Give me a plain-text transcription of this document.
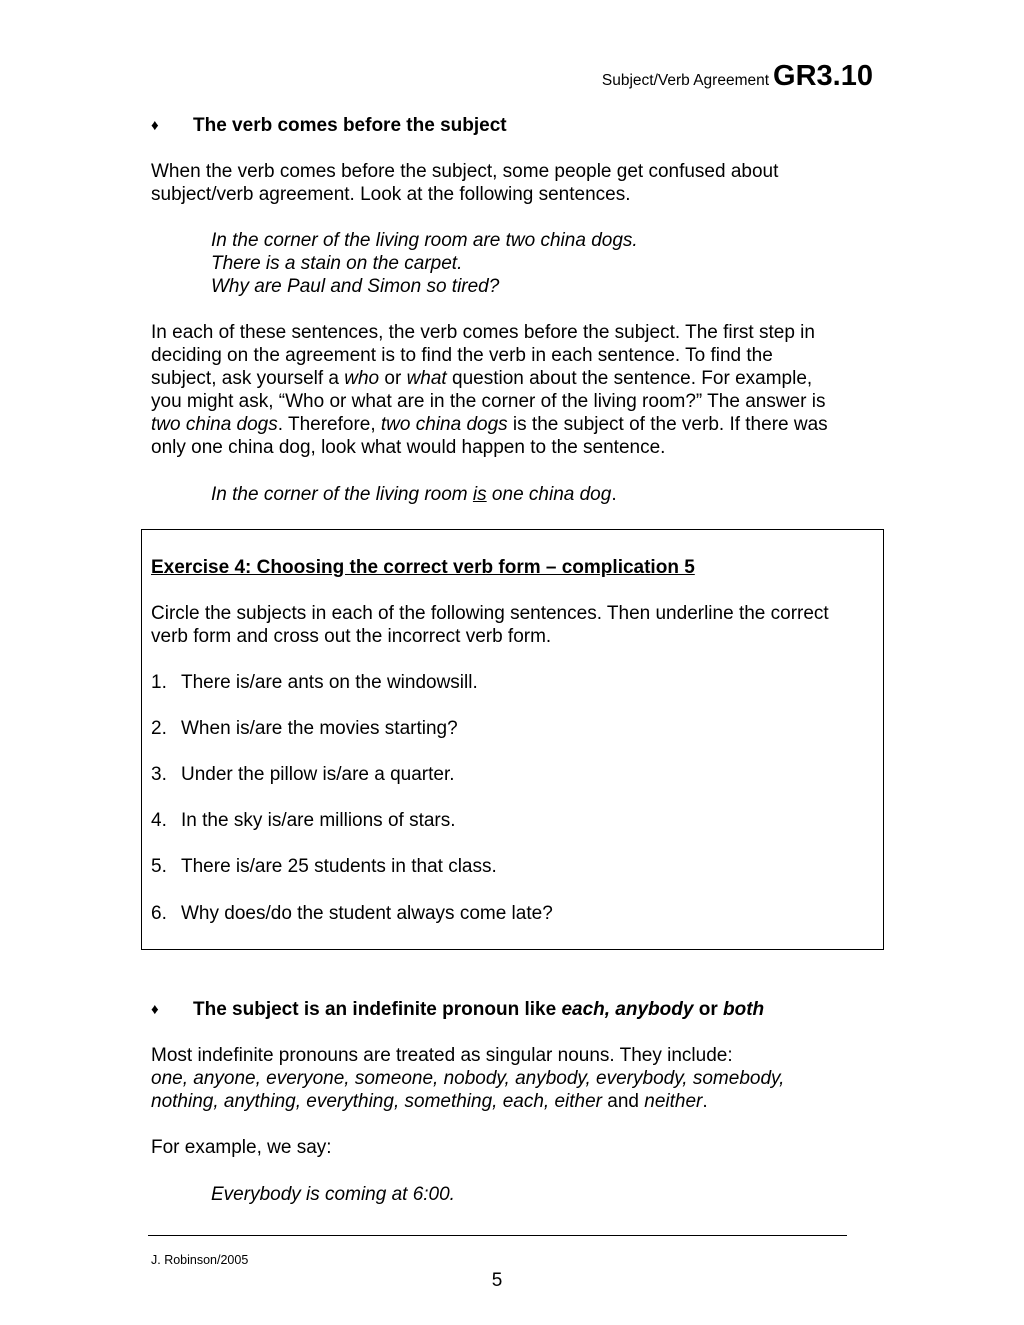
Subject/Verb Agreement GR3.10
♦ The verb comes before the subject
When the verb comes before the subject, some people get confused about
subject/verb agreement. Look at the following sentences.
In the corner of the living room are two china dogs.
There is a stain on the carpet.
Why are Paul and Simon so tired?
In each of these sentences, the verb comes before the subject. The first step in
deciding on the agreement is to find the verb in each sentence. To find the
subject, ask yourself a who or what question about the sentence. For example,
you might ask, “Who or what are in the corner of the living room?” The answer is
two china dogs. Therefore, two china dogs is the subject of the verb. If there was
only one china dog, look what would happen to the sentence.
In the corner of the living room is one china dog.
Exercise 4: Choosing the correct verb form – complication 5
Circle the subjects in each of the following sentences. Then underline the correct
verb form and cross out the incorrect verb form.
1. There is/are ants on the windowsill.
2. When is/are the movies starting?
3. Under the pillow is/are a quarter.
4. In the sky is/are millions of stars.
5. There is/are 25 students in that class.
6. Why does/do the student always come late?
♦ The subject is an indefinite pronoun like each, anybody or both
Most indefinite pronouns are treated as singular nouns. They include:
one, anyone, everyone, someone, nobody, anybody, everybody, somebody,
nothing, anything, everything, something, each, either and neither.
For example, we say:
Everybody is coming at 6:00.
J. Robinson/2005
5
